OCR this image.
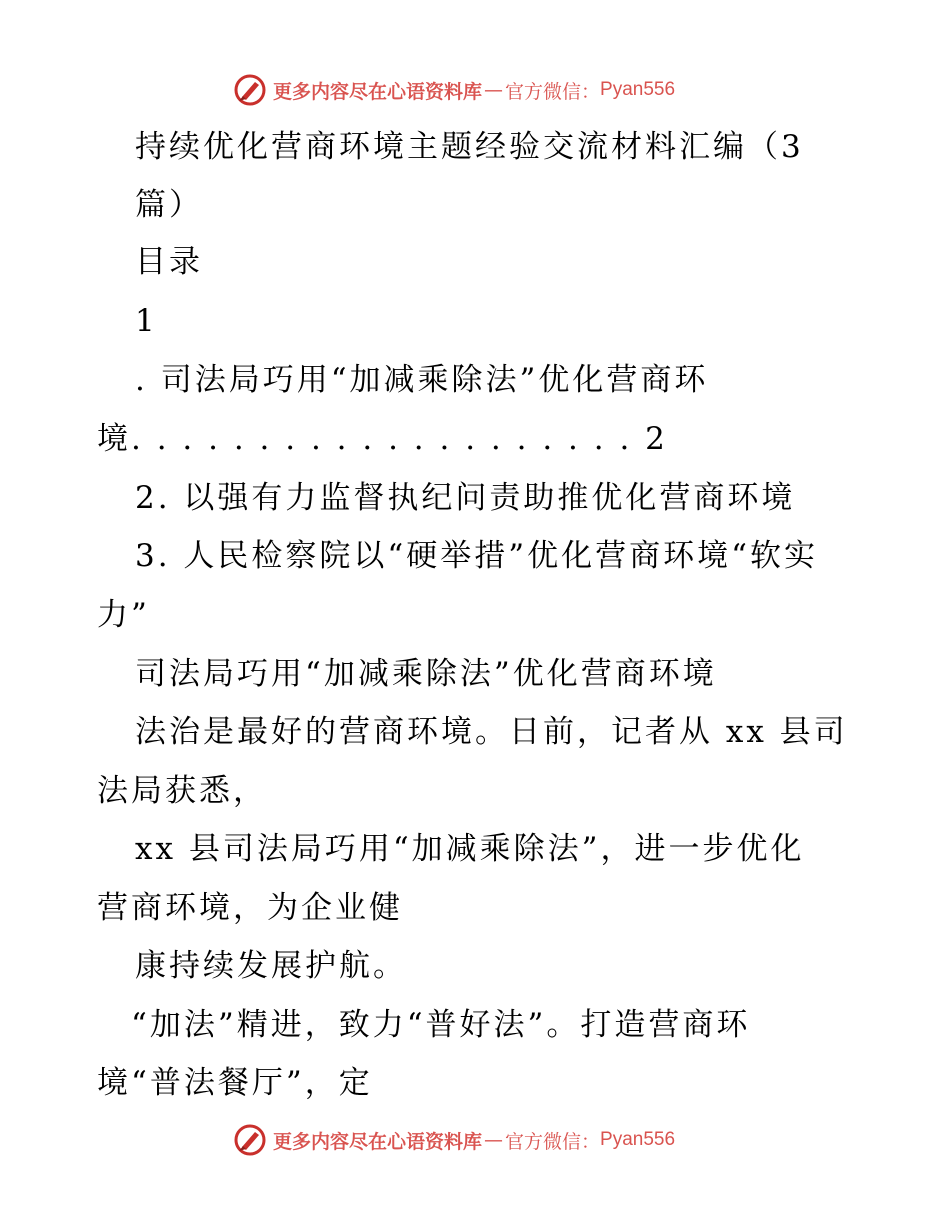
更多内容尽在心语资料库 — 官方微信： Pyan556
持续优化营商环境主题经验交流材料汇编（3
篇）
目录
1
. 司法局巧用“加减乘除法”优化营商环
境. . . . . . . . . . . . . . . . . . . . 2
2. 以强有力监督执纪问责助推优化营商环境
3. 人民检察院以“硬举措”优化营商环境“软实
力”
司法局巧用“加减乘除法”优化营商环境
法治是最好的营商环境。日前，记者从 xx 县司
法局获悉，
xx 县司法局巧用“加减乘除法”，进一步优化
营商环境，为企业健
康持续发展护航。
“加法”精进，致力“普好法”。打造营商环
境“普法餐厅”，定
更多内容尽在心语资料库 — 官方微信： Pyan556
